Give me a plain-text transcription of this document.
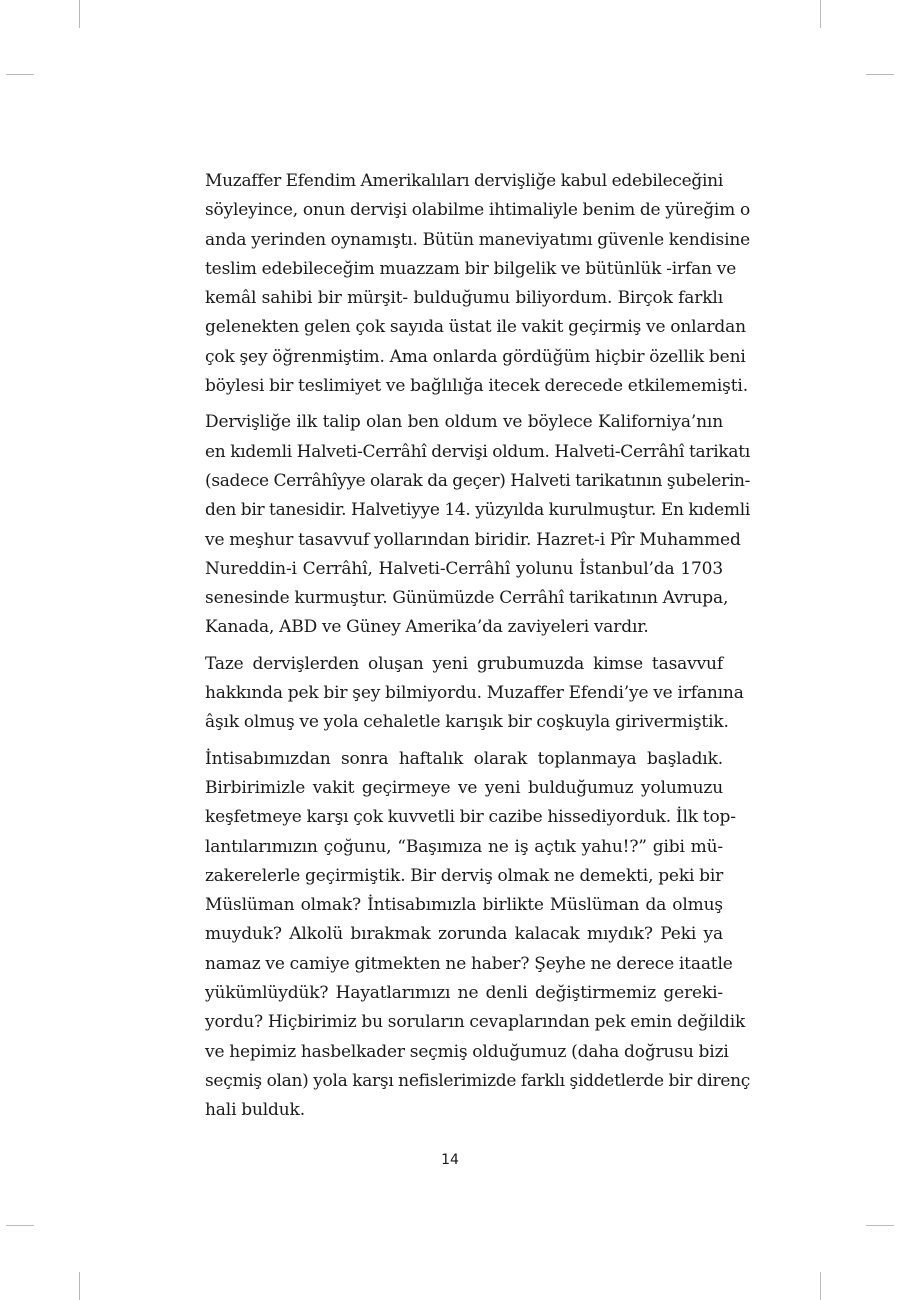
Muzaffer Efendim Amerikalıları dervişliğe kabul edebileceğini
söyleyince, onun dervişi olabilme ihtimaliyle benim de yüreğim o
anda yerinden oynamıştı. Bütün maneviyatımı güvenle kendisine
teslim edebileceğim muazzam bir bilgelik ve bütünlük -irfan ve
kemâl sahibi bir mürşit- bulduğumu biliyordum. Birçok farklı
gelenekten gelen çok sayıda üstat ile vakit geçirmiş ve onlardan
çok şey öğrenmiştim. Ama onlarda gördüğüm hiçbir özellik beni
böylesi bir teslimiyet ve bağlılığa itecek derecede etkilememişti.
Dervişliğe ilk talip olan ben oldum ve böylece Kaliforniya’nın
en kıdemli Halveti-Cerrâhî dervişi oldum. Halveti-Cerrâhî tarikatı
(sadece Cerrâhîyye olarak da geçer) Halveti tarikatının şubelerin-
den bir tanesidir. Halvetiyye 14. yüzyılda kurulmuştur. En kıdemli
ve meşhur tasavvuf yollarından biridir. Hazret-i Pîr Muhammed
Nureddin-i Cerrâhî, Halveti-Cerrâhî yolunu İstanbul’da 1703
senesinde kurmuştur. Günümüzde Cerrâhî tarikatının Avrupa,
Kanada, ABD ve Güney Amerika’da zaviyeleri vardır.
Taze dervişlerden oluşan yeni grubumuzda kimse tasavvuf
hakkında pek bir şey bilmiyordu. Muzaffer Efendi’ye ve irfanına
âşık olmuş ve yola cehaletle karışık bir coşkuyla girivermiştik.
İntisabımızdan sonra haftalık olarak toplanmaya başladık.
Birbirimizle vakit geçirmeye ve yeni bulduğumuz yolumuzu
keşfetmeye karşı çok kuvvetli bir cazibe hissediyorduk. İlk top-
lantılarımızın çoğunu, “Başımıza ne iş açtık yahu!?” gibi mü-
zakerelerle geçirmiştik. Bir derviş olmak ne demekti, peki bir
Müslüman olmak? İntisabımızla birlikte Müslüman da olmuş
muyduk? Alkolü bırakmak zorunda kalacak mıydık? Peki ya
namaz ve camiye gitmekten ne haber? Şeyhe ne derece itaatle
yükümlüydük? Hayatlarımızı ne denli değiştirmemiz gereki-
yordu? Hiçbirimiz bu soruların cevaplarından pek emin değildik
ve hepimiz hasbelkader seçmiş olduğumuz (daha doğrusu bizi
seçmiş olan) yola karşı nefislerimizde farklı şiddetlerde bir direnç
hali bulduk.
14
